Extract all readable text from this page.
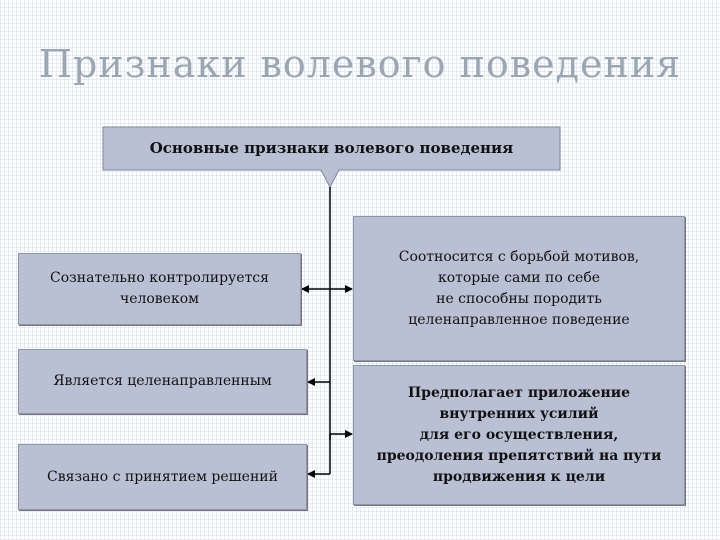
Признаки волевого поведения
Основные признаки волевого поведения
Сознательно контролируется
человеком
Является целенаправленным
Связано с принятием решений
Соотносится с борьбой мотивов,
которые сами по себе
не способны породить
целенаправленное поведение
Предполагает приложение
внутренних усилий
для его осуществления,
преодоления препятствий на пути
продвижения к цели
